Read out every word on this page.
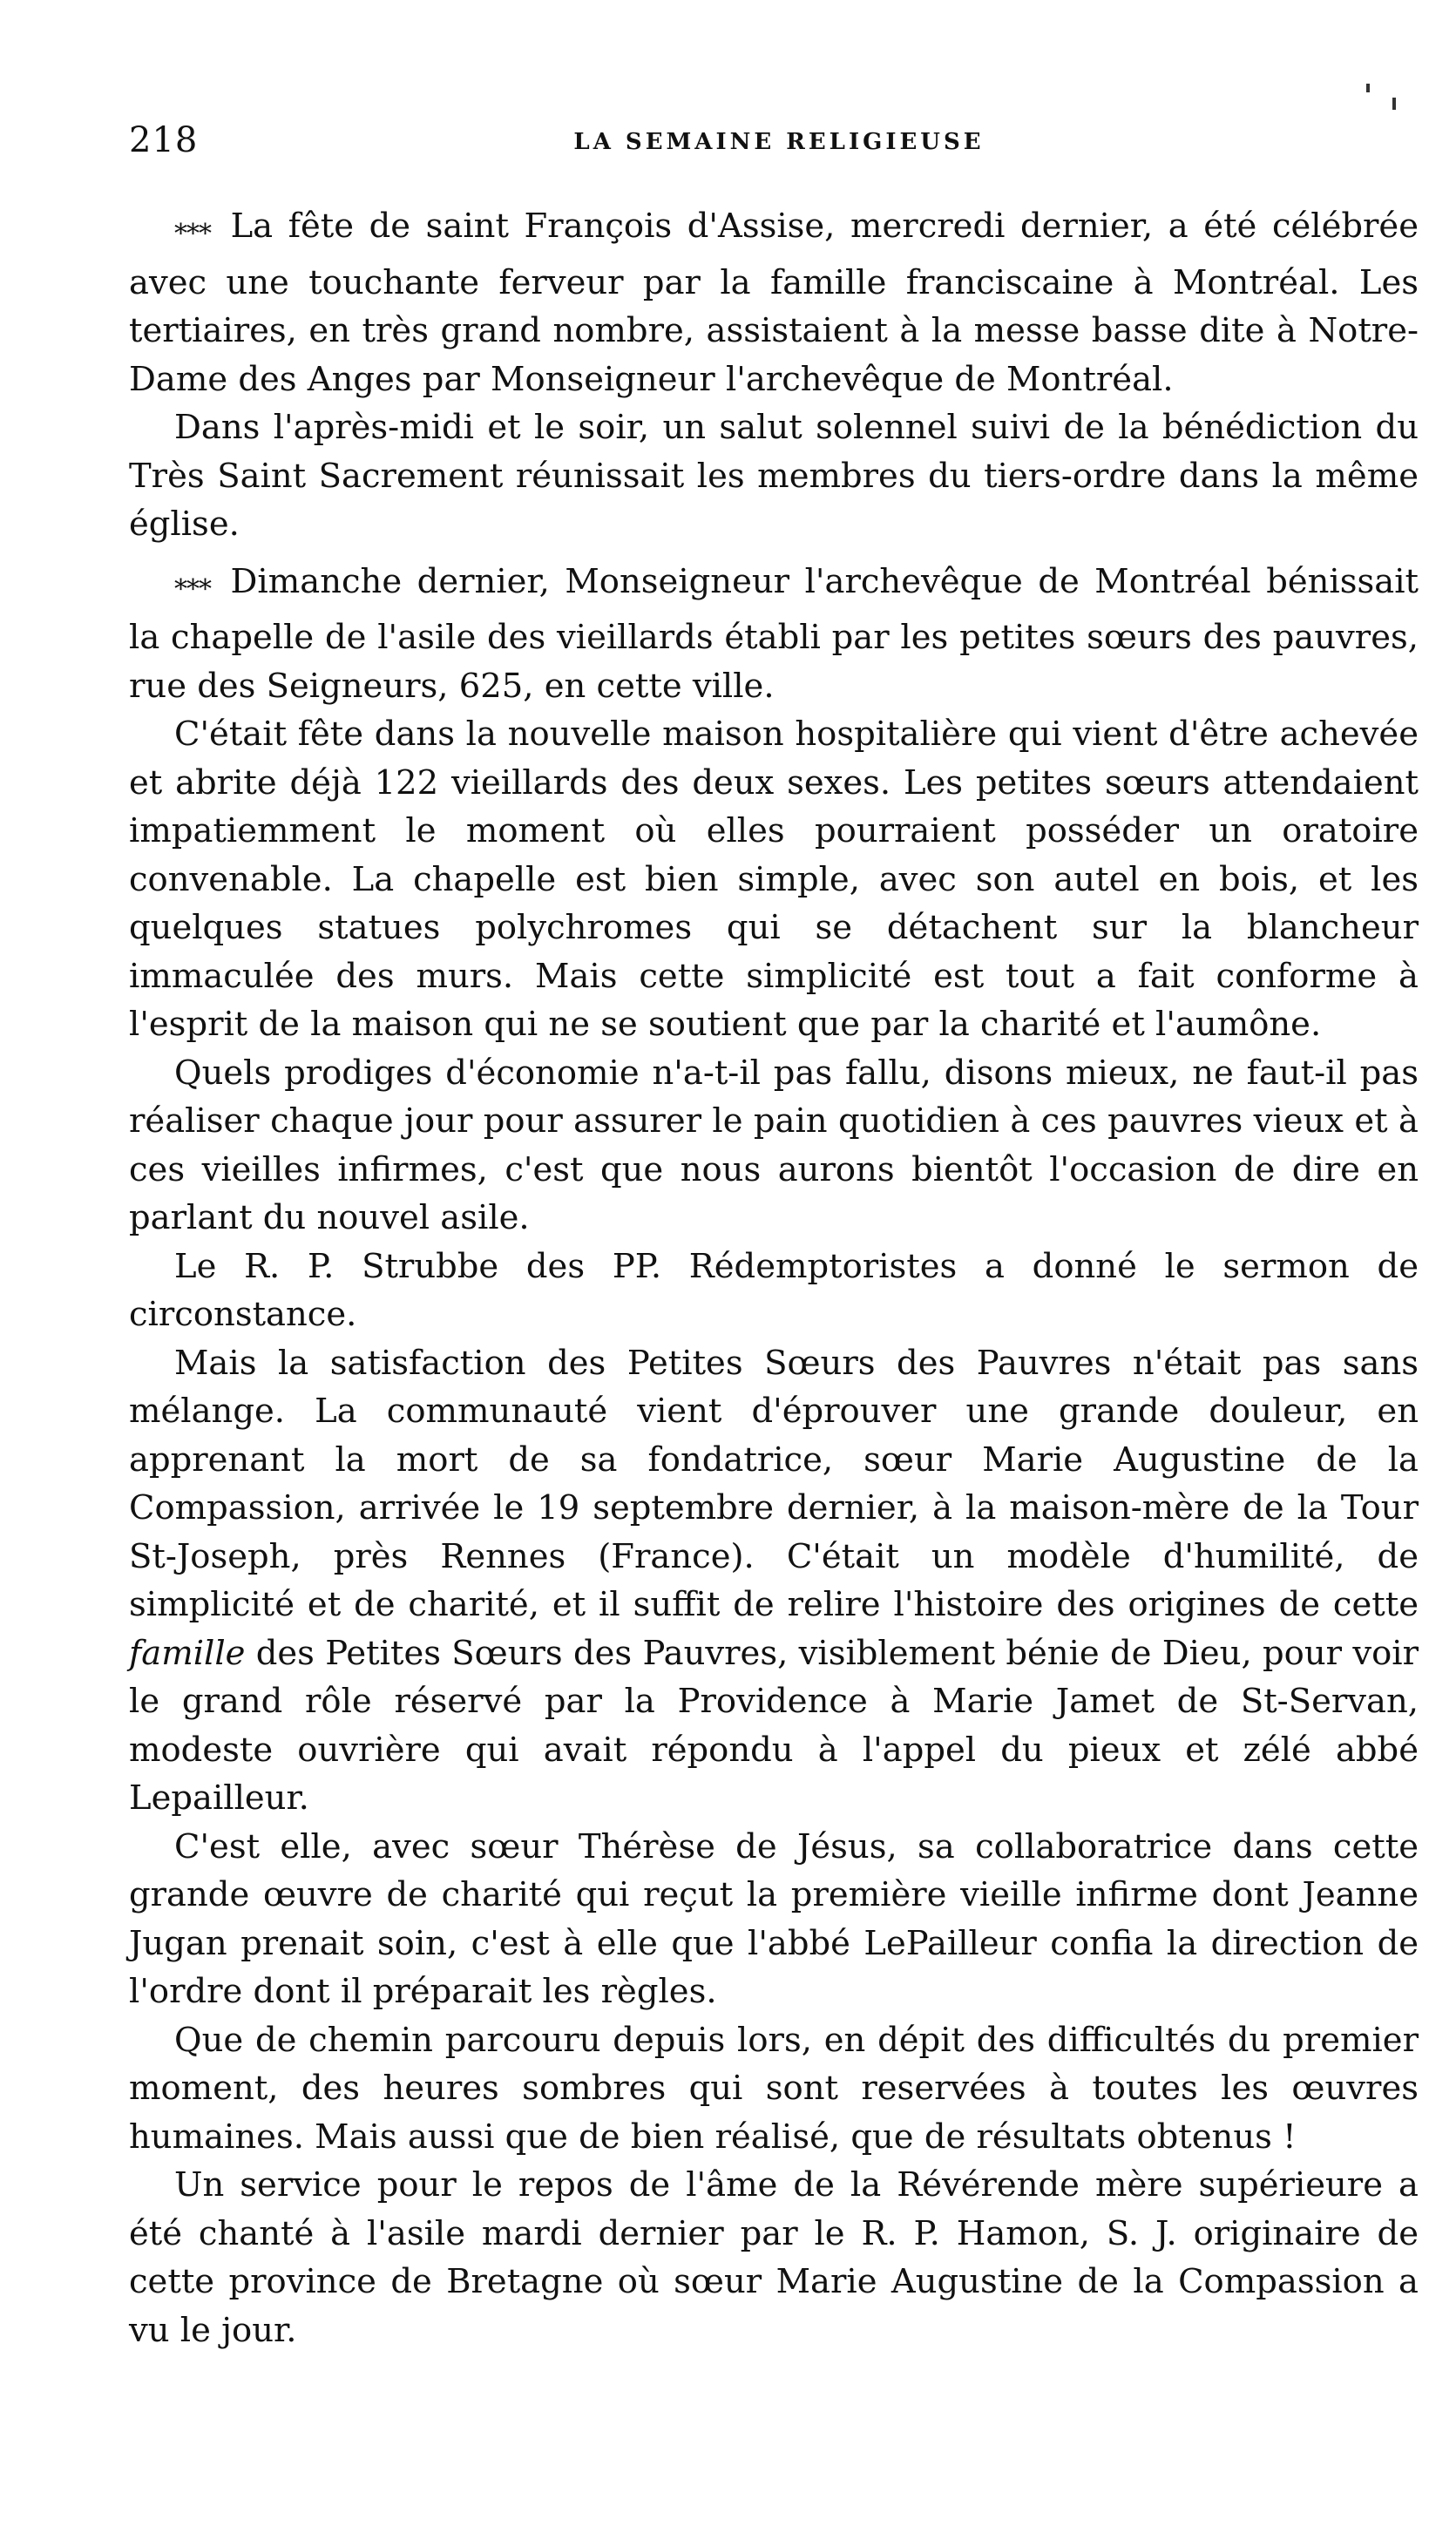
218	LA SEMAINE RELIGIEUSE

* * * La fête de saint François d'Assise, mercredi dernier, a été célébrée avec une touchante ferveur par la famille franciscaine à Montréal. Les tertiaires, en très grand nombre, assistaient à la messe basse dite à Notre-Dame des Anges par Monseigneur l'archevêque de Montréal.

Dans l'après-midi et le soir, un salut solennel suivi de la bénédiction du Très Saint Sacrement réunissait les membres du tiers-ordre dans la même église.

* * * Dimanche dernier, Monseigneur l'archevêque de Montréal bénissait la chapelle de l'asile des vieillards établi par les petites sœurs des pauvres, rue des Seigneurs, 625, en cette ville.

C'était fête dans la nouvelle maison hospitalière qui vient d'être achevée et abrite déjà 122 vieillards des deux sexes. Les petites sœurs attendaient impatiemment le moment où elles pourraient posséder un oratoire convenable. La chapelle est bien simple, avec son autel en bois, et les quelques statues polychromes qui se détachent sur la blancheur immaculée des murs. Mais cette simplicité est tout a fait conforme à l'esprit de la maison qui ne se soutient que par la charité et l'aumône.

Quels prodiges d'économie n'a-t-il pas fallu, disons mieux, ne faut-il pas réaliser chaque jour pour assurer le pain quotidien à ces pauvres vieux et à ces vieilles infirmes, c'est que nous aurons bientôt l'occasion de dire en parlant du nouvel asile.

Le R. P. Strubbe des PP. Rédemptoristes a donné le sermon de circonstance.

Mais la satisfaction des Petites Sœurs des Pauvres n'était pas sans mélange. La communauté vient d'éprouver une grande douleur, en apprenant la mort de sa fondatrice, sœur Marie Augustine de la Compassion, arrivée le 19 septembre dernier, à la maison-mère de la Tour St-Joseph, près Rennes (France). C'était un modèle d'humilité, de simplicité et de charité, et il suffit de relire l'histoire des origines de cette famille des Petites Sœurs des Pauvres, visiblement bénie de Dieu, pour voir le grand rôle réservé par la Providence à Marie Jamet de St-Servan, modeste ouvrière qui avait répondu à l'appel du pieux et zélé abbé Lepailleur.

C'est elle, avec sœur Thérèse de Jésus, sa collaboratrice dans cette grande œuvre de charité qui reçut la première vieille infirme dont Jeanne Jugan prenait soin, c'est à elle que l'abbé LePailleur confia la direction de l'ordre dont il préparait les règles.

Que de chemin parcouru depuis lors, en dépit des difficultés du premier moment, des heures sombres qui sont reservées à toutes les œuvres humaines. Mais aussi que de bien réalisé, que de résultats obtenus !

Un service pour le repos de l'âme de la Révérende mère supérieure a été chanté à l'asile mardi dernier par le R. P. Hamon, S. J. originaire de cette province de Bretagne où sœur Marie Augustine de la Compassion a vu le jour.
